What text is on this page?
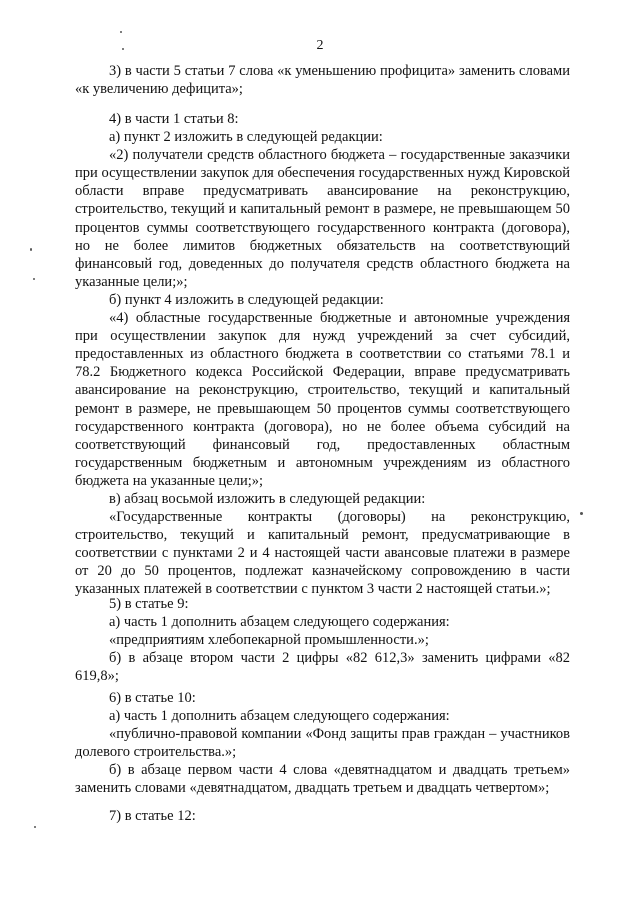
2

3) в части 5 статьи 7 слова «к уменьшению профицита» заменить словами «к увеличению дефицита»;

4) в части 1 статьи 8:

а) пункт 2 изложить в следующей редакции:

«2) получатели средств областного бюджета – государственные заказчики при осуществлении закупок для обеспечения государственных нужд Кировской области вправе предусматривать авансирование на реконструкцию, строительство, текущий и капитальный ремонт в размере, не превышающем 50 процентов суммы соответствующего государственного контракта (договора), но не более лимитов бюджетных обязательств на соответствующий финансовый год, доведенных до получателя средств областного бюджета на указанные цели;»;

б) пункт 4 изложить в следующей редакции:

«4) областные государственные бюджетные и автономные учреждения при осуществлении закупок для нужд учреждений за счет субсидий, предоставленных из областного бюджета в соответствии со статьями 78.1 и 78.2 Бюджетного кодекса Российской Федерации, вправе предусматривать авансирование на реконструкцию, строительство, текущий и капитальный ремонт в размере, не превышающем 50 процентов суммы соответствующего государственного контракта (договора), но не более объема субсидий на соответствующий финансовый год, предоставленных областным государственным бюджетным и автономным учреждениям из областного бюджета на указанные цели;»;

в) абзац восьмой изложить в следующей редакции:

«Государственные контракты (договоры) на реконструкцию, строительство, текущий и капитальный ремонт, предусматривающие в соответствии с пунктами 2 и 4 настоящей части авансовые платежи в размере от 20 до 50 процентов, подлежат казначейскому сопровождению в части указанных платежей в соответствии с пунктом 3 части 2 настоящей статьи.»;

5) в статье 9:

а) часть 1 дополнить абзацем следующего содержания:

«предприятиям хлебопекарной промышленности.»;

б) в абзаце втором части 2 цифры «82 612,3» заменить цифрами «82 619,8»;

6) в статье 10:

а) часть 1 дополнить абзацем следующего содержания:

«публично-правовой компании «Фонд защиты прав граждан – участников долевого строительства.»;

б) в абзаце первом части 4 слова «девятнадцатом и двадцать третьем» заменить словами «девятнадцатом, двадцать третьем и двадцать четвертом»;

7) в статье 12:
